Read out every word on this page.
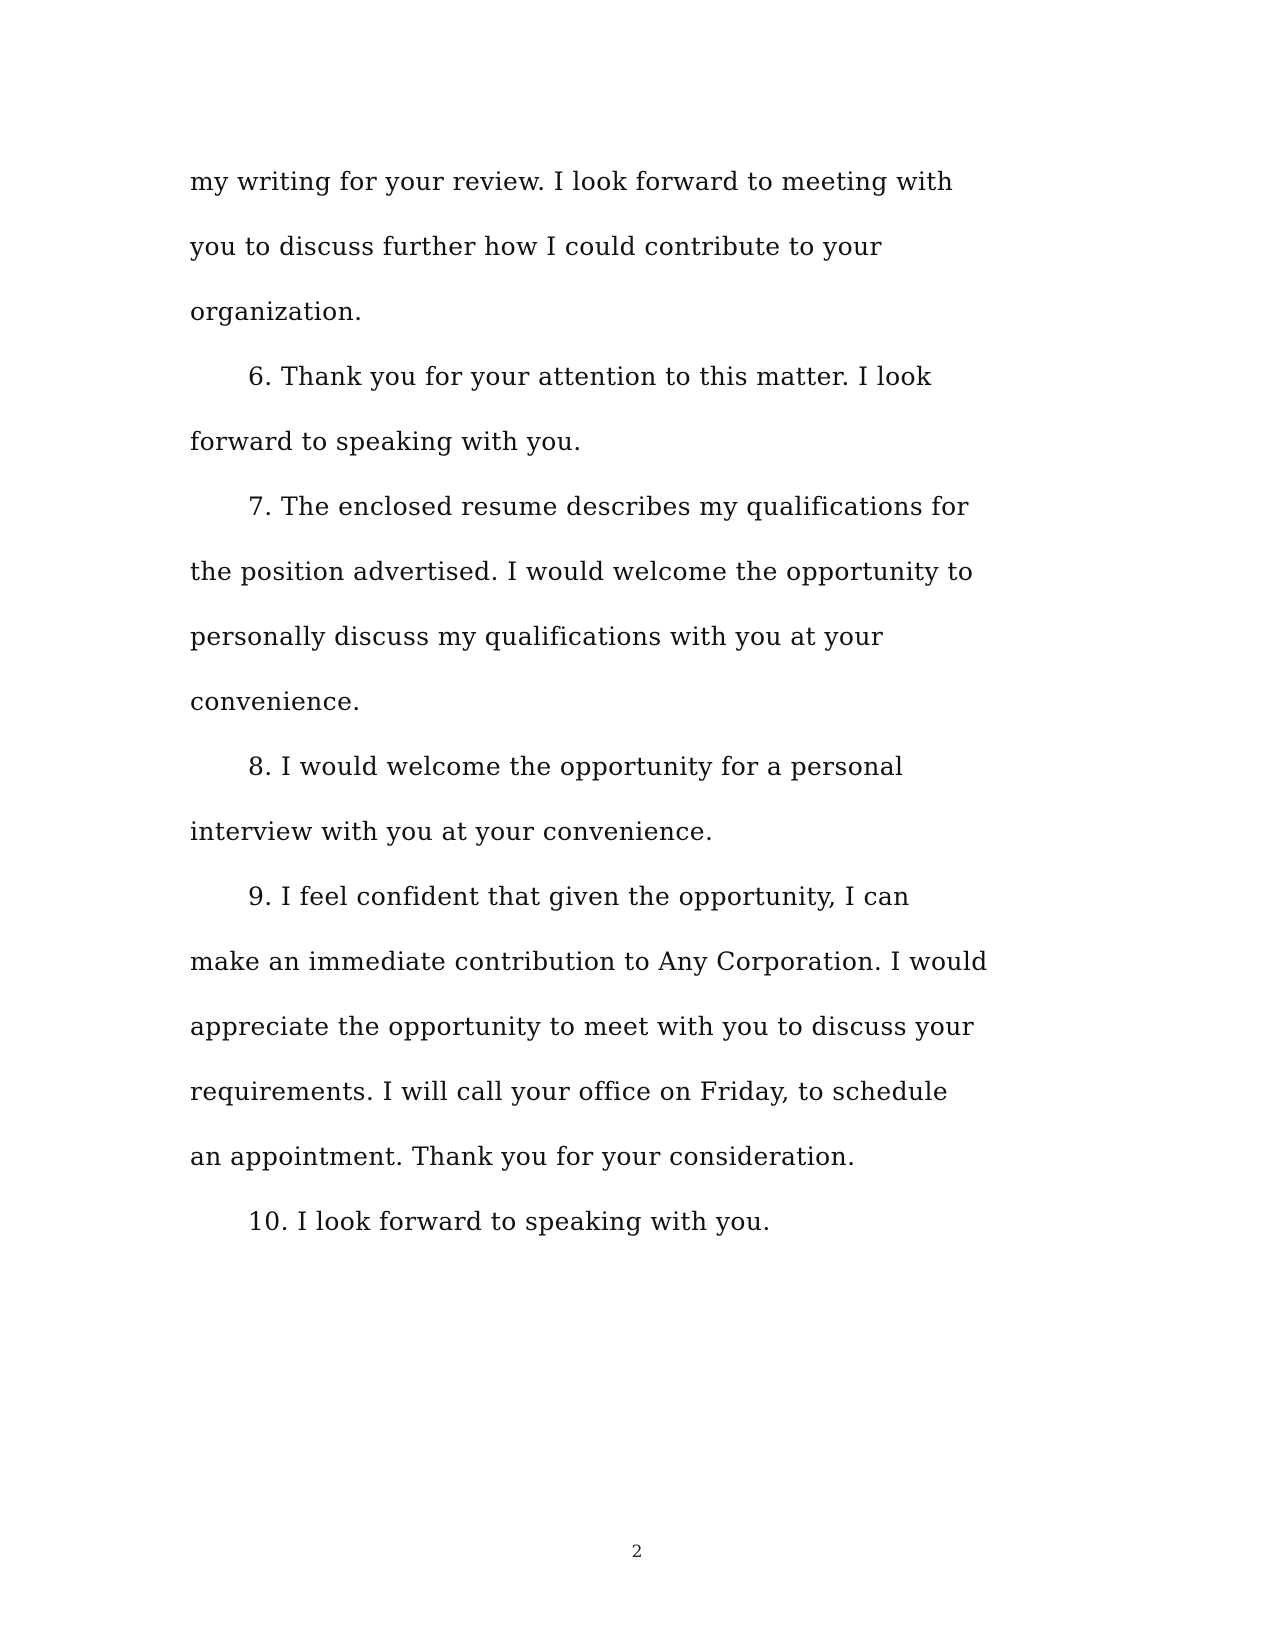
my writing for your review. I look forward to meeting with
you to discuss further how I could contribute to your
organization.
6. Thank you for your attention to this matter. I look
forward to speaking with you.
7. The enclosed resume describes my qualifications for
the position advertised. I would welcome the opportunity to
personally discuss my qualifications with you at your
convenience.
8. I would welcome the opportunity for a personal
interview with you at your convenience.
9. I feel confident that given the opportunity, I can
make an immediate contribution to Any Corporation. I would
appreciate the opportunity to meet with you to discuss your
requirements. I will call your office on Friday, to schedule
an appointment. Thank you for your consideration.
10. I look forward to speaking with you.
2
